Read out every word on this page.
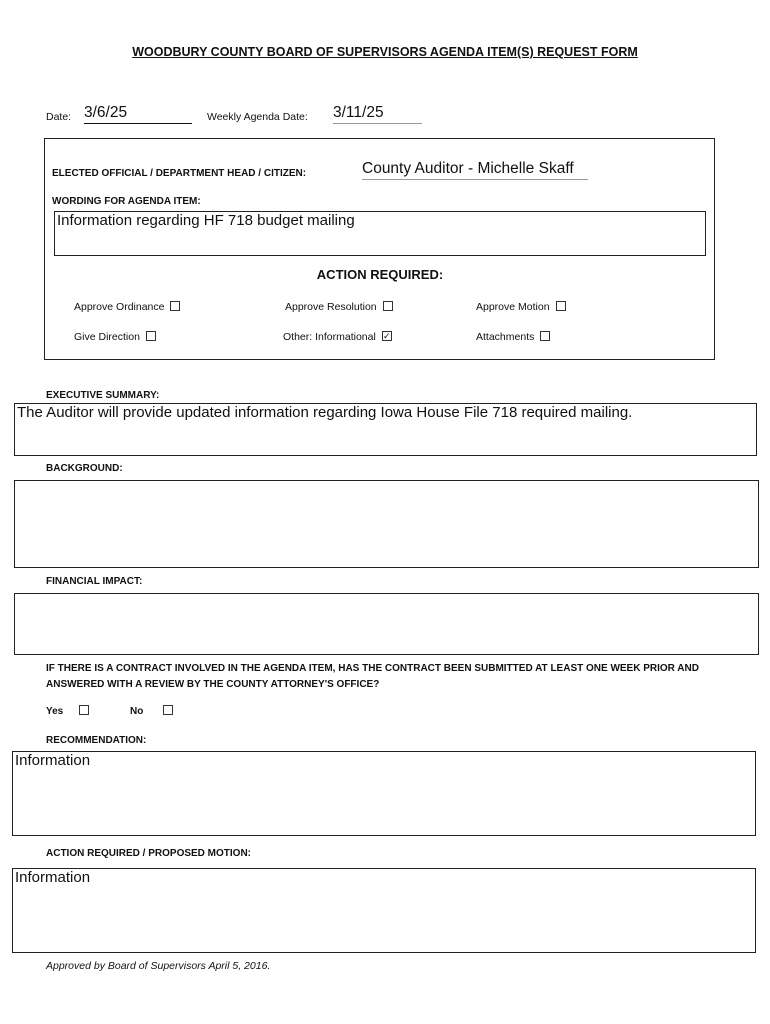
WOODBURY COUNTY BOARD OF SUPERVISORS AGENDA ITEM(S) REQUEST FORM
Date: 3/6/25	Weekly Agenda Date: 3/11/25
ELECTED OFFICIAL / DEPARTMENT HEAD / CITIZEN:	County Auditor - Michelle Skaff
WORDING FOR AGENDA ITEM:
Information regarding HF 718 budget mailing
ACTION REQUIRED:
Approve Ordinance	Approve Resolution	Approve Motion
Give Direction	Other: Informational ✓	Attachments
EXECUTIVE SUMMARY:
The Auditor will provide updated information regarding Iowa House File 718 required mailing.
BACKGROUND:
FINANCIAL IMPACT:
IF THERE IS A CONTRACT INVOLVED IN THE AGENDA ITEM, HAS THE CONTRACT BEEN SUBMITTED AT LEAST ONE WEEK PRIOR AND ANSWERED WITH A REVIEW BY THE COUNTY ATTORNEY'S OFFICE?
Yes	No
RECOMMENDATION:
Information
ACTION REQUIRED / PROPOSED MOTION:
Information
Approved by Board of Supervisors April 5, 2016.
